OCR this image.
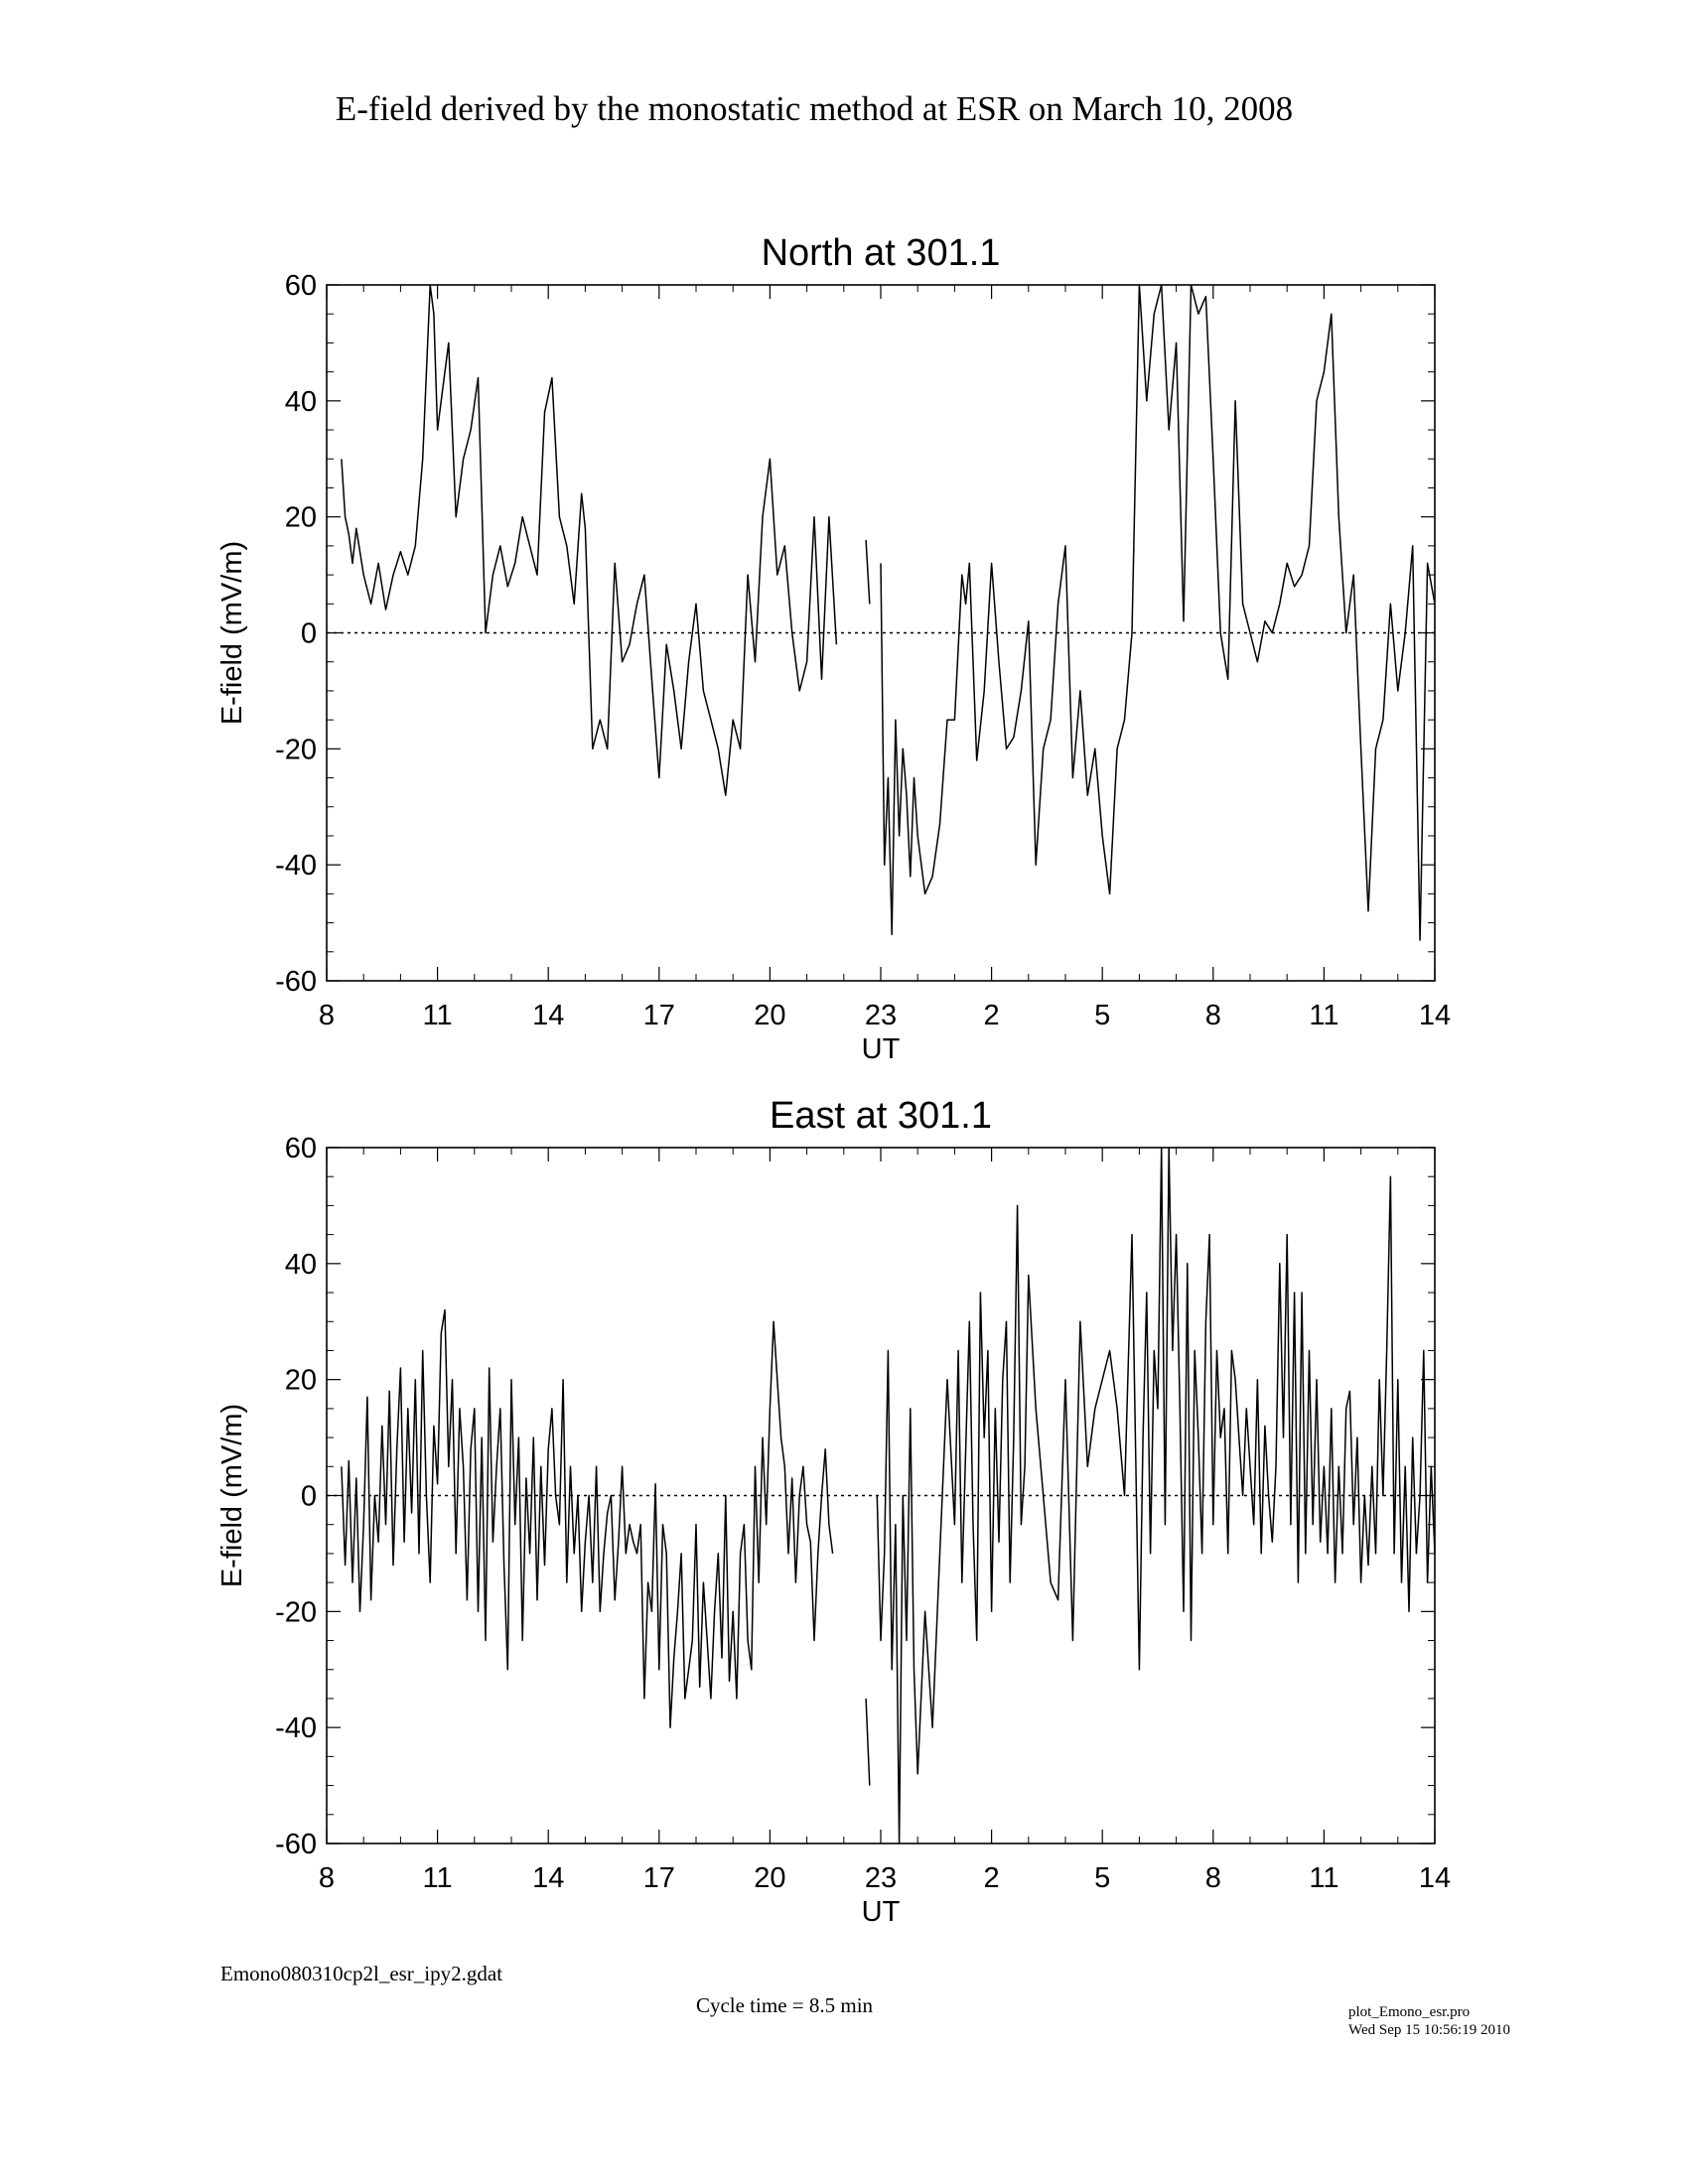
E-field derived by the monostatic method at ESR on March 10, 2008
8	11	14	17	20	23	2	5	8	11	14
60
40
20
0
-20
-40
-60
North at 301.1
UT
E-field (mV/m)
8	11	14	17	20	23	2	5	8	11	14
60
40
20
0
-20
-40
-60
East at 301.1
UT
E-field (mV/m)
Emono080310cp2l_esr_ipy2.gdat
Cycle time = 8.5 min	plot_Emono_esr.pro
Wed Sep 15 10:56:19 2010
